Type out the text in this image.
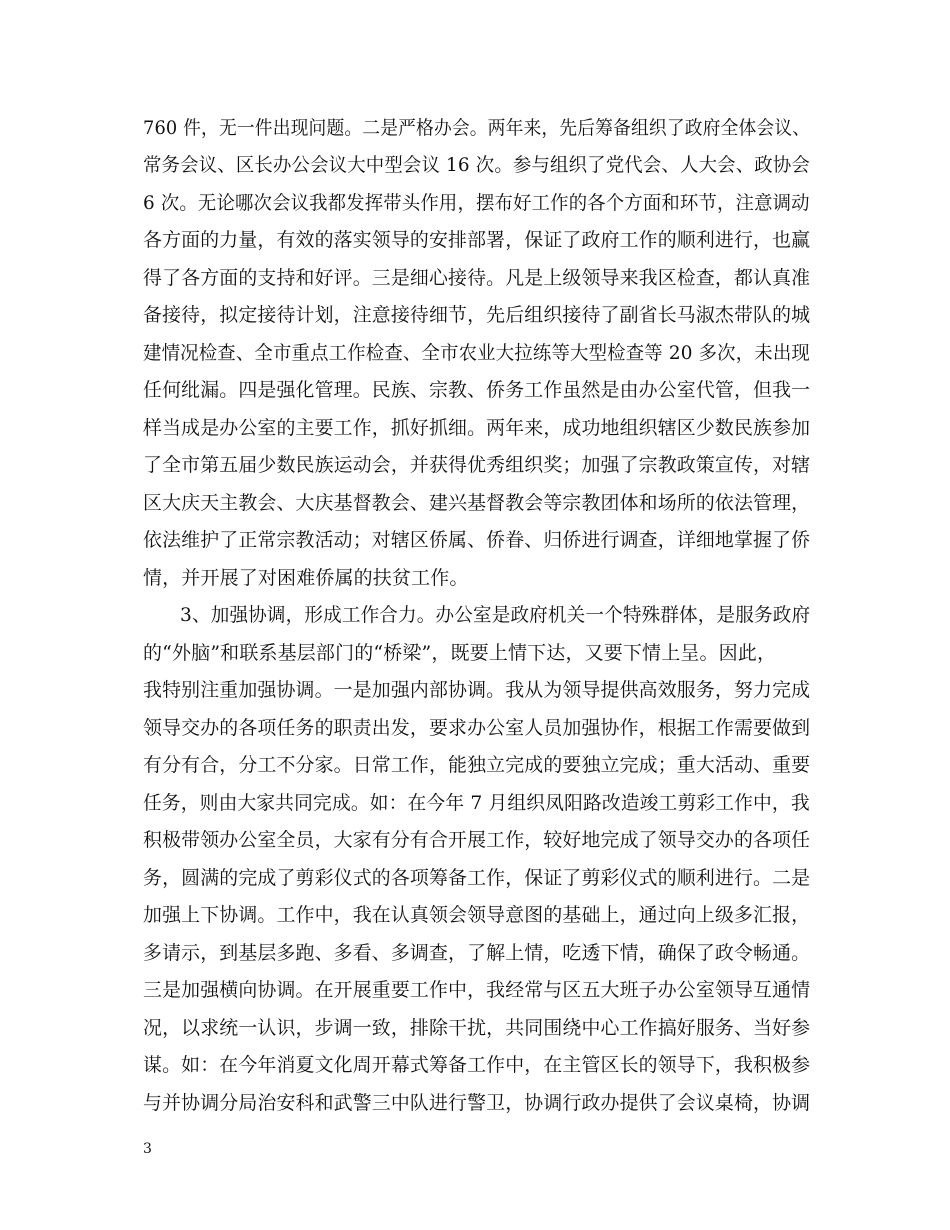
760 件，无一件出现问题。二是严格办会。两年来，先后筹备组织了政府全体会议、
常务会议、区长办公会议大中型会议 16 次。参与组织了党代会、人大会、政协会
6 次。无论哪次会议我都发挥带头作用，摆布好工作的各个方面和环节，注意调动
各方面的力量，有效的落实领导的安排部署，保证了政府工作的顺利进行，也赢
得了各方面的支持和好评。三是细心接待。凡是上级领导来我区检查，都认真准
备接待，拟定接待计划，注意接待细节，先后组织接待了副省长马淑杰带队的城
建情况检查、全市重点工作检查、全市农业大拉练等大型检查等 20 多次，未出现
任何纰漏。四是强化管理。民族、宗教、侨务工作虽然是由办公室代管，但我一
样当成是办公室的主要工作，抓好抓细。两年来，成功地组织辖区少数民族参加
了全市第五届少数民族运动会，并获得优秀组织奖；加强了宗教政策宣传，对辖
区大庆天主教会、大庆基督教会、建兴基督教会等宗教团体和场所的依法管理，
依法维护了正常宗教活动；对辖区侨属、侨眷、归侨进行调查，详细地掌握了侨
情，并开展了对困难侨属的扶贫工作。
3、加强协调，形成工作合力。办公室是政府机关一个特殊群体，是服务政府
的“外脑”和联系基层部门的“桥梁”，既要上情下达，又要下情上呈。因此，
我特别注重加强协调。一是加强内部协调。我从为领导提供高效服务，努力完成
领导交办的各项任务的职责出发，要求办公室人员加强协作，根据工作需要做到
有分有合，分工不分家。日常工作，能独立完成的要独立完成；重大活动、重要
任务，则由大家共同完成。如：在今年 7 月组织凤阳路改造竣工剪彩工作中，我
积极带领办公室全员，大家有分有合开展工作，较好地完成了领导交办的各项任
务，圆满的完成了剪彩仪式的各项筹备工作，保证了剪彩仪式的顺利进行。二是
加强上下协调。工作中，我在认真领会领导意图的基础上，通过向上级多汇报，
多请示，到基层多跑、多看、多调查，了解上情，吃透下情，确保了政令畅通。
三是加强横向协调。在开展重要工作中，我经常与区五大班子办公室领导互通情
况，以求统一认识，步调一致，排除干扰，共同围绕中心工作搞好服务、当好参
谋。如：在今年消夏文化周开幕式筹备工作中，在主管区长的领导下，我积极参
与并协调分局治安科和武警三中队进行警卫，协调行政办提供了会议桌椅，协调
3
